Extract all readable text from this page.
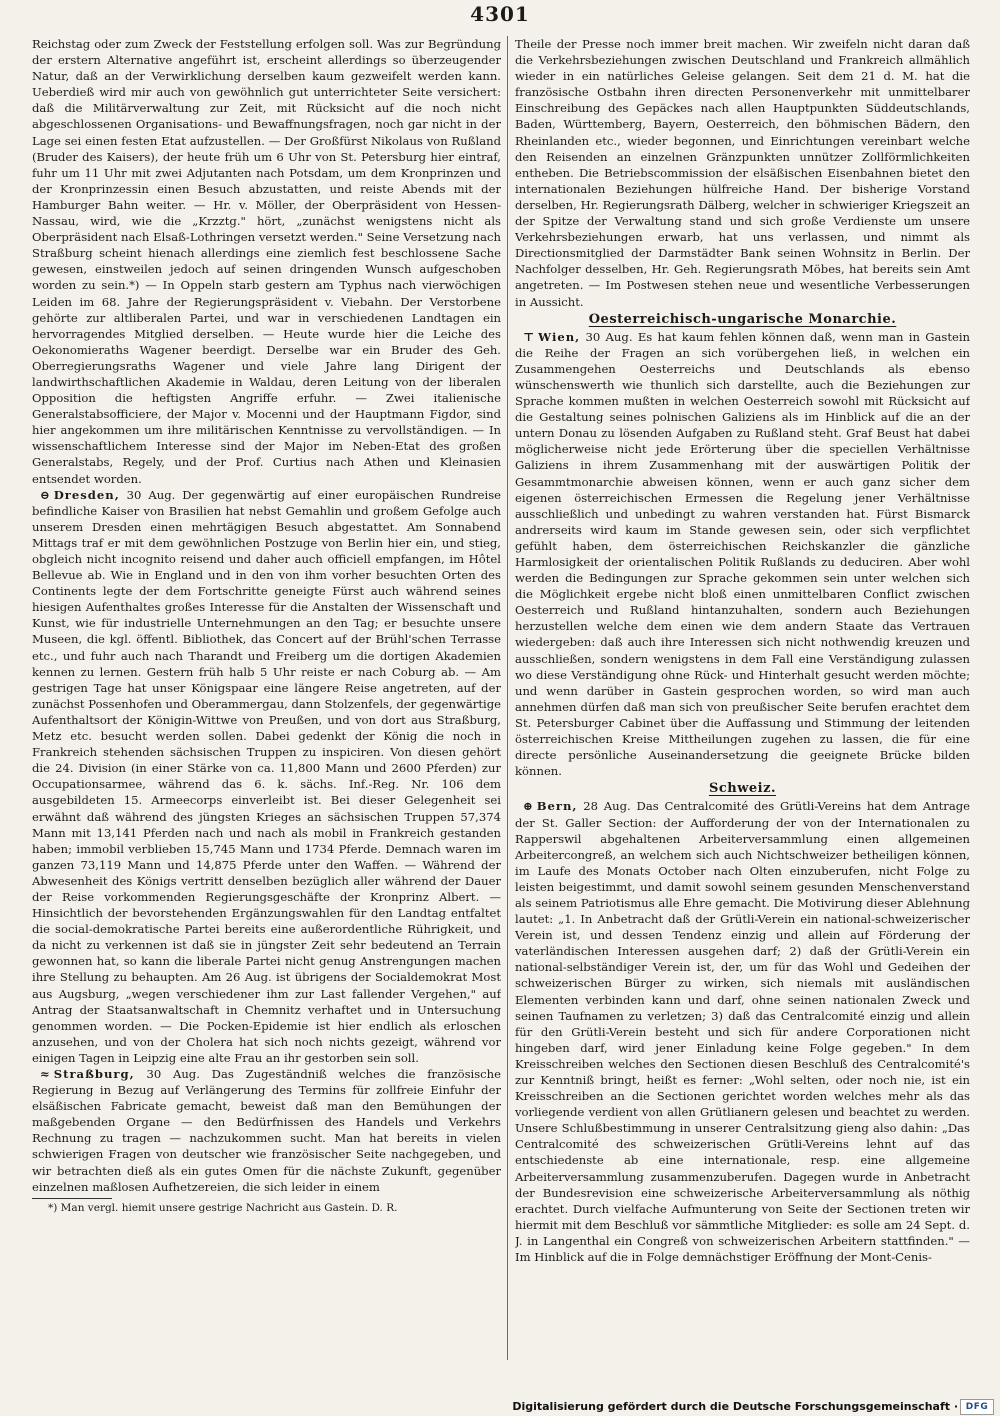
4301

Reichstag oder zum Zweck der Feststellung erfolgen soll. Was zur Begründung der erstern Alternative angeführt ist, erscheint allerdings so überzeugender Natur, daß an der Verwirklichung derselben kaum gezweifelt werden kann. Ueberdieß wird mir auch von gewöhnlich gut unterrichteter Seite versichert: daß die Militärverwaltung zur Zeit, mit Rücksicht auf die noch nicht abgeschlossenen Organisations- und Bewaffnungsfragen, noch gar nicht in der Lage sei einen festen Etat aufzustellen. — Der Großfürst Nikolaus von Rußland (Bruder des Kaisers), der heute früh um 6 Uhr von St. Petersburg hier eintraf, fuhr um 11 Uhr mit zwei Adjutanten nach Potsdam, um dem Kronprinzen und der Kronprinzessin einen Besuch abzustatten, und reiste Abends mit der Hamburger Bahn weiter. — Hr. v. Möller, der Oberpräsident von Hessen-Nassau, wird, wie die „Krzztg." hört, „zunächst wenigstens nicht als Oberpräsident nach Elsaß-Lothringen versetzt werden." Seine Versetzung nach Straßburg scheint hienach allerdings eine ziemlich fest beschlossene Sache gewesen, einstweilen jedoch auf seinen dringenden Wunsch aufgeschoben worden zu sein.*) — In Oppeln starb gestern am Typhus nach vierwöchigen Leiden im 68. Jahre der Regierungspräsident v. Viebahn. Der Verstorbene gehörte zur altliberalen Partei, und war in verschiedenen Landtagen ein hervorragendes Mitglied derselben. — Heute wurde hier die Leiche des Oekonomieraths Wagener beerdigt. Derselbe war ein Bruder des Geh. Oberregierungsraths Wagener und viele Jahre lang Dirigent der landwirthschaftlichen Akademie in Waldau, deren Leitung von der liberalen Opposition die heftigsten Angriffe erfuhr. — Zwei italienische Generalstabsofficiere, der Major v. Mocenni und der Hauptmann Figdor, sind hier angekommen um ihre militärischen Kenntnisse zu vervollständigen. — In wissenschaftlichem Interesse sind der Major im Neben-Etat des großen Generalstabs, Regely, und der Prof. Curtius nach Athen und Kleinasien entsendet worden.

⊖ Dresden, 30 Aug. Der gegenwärtig auf einer europäischen Rundreise befindliche Kaiser von Brasilien hat nebst Gemahlin und großem Gefolge auch unserem Dresden einen mehrtägigen Besuch abgestattet. Am Sonnabend Mittags traf er mit dem gewöhnlichen Postzuge von Berlin hier ein, und stieg, obgleich nicht incognito reisend und daher auch officiell empfangen, im Hôtel Bellevue ab. Wie in England und in den von ihm vorher besuchten Orten des Continents legte der dem Fortschritte geneigte Fürst auch während seines hiesigen Aufenthaltes großes Interesse für die Anstalten der Wissenschaft und Kunst, wie für industrielle Unternehmungen an den Tag; er besuchte unsere Museen, die kgl. öffentl. Bibliothek, das Concert auf der Brühl'schen Terrasse etc., und fuhr auch nach Tharandt und Freiberg um die dortigen Akademien kennen zu lernen. Gestern früh halb 5 Uhr reiste er nach Coburg ab. — Am gestrigen Tage hat unser Königspaar eine längere Reise angetreten, auf der zunächst Possenhofen und Oberammergau, dann Stolzenfels, der gegenwärtige Aufenthaltsort der Königin-Wittwe von Preußen, und von dort aus Straßburg, Metz etc. besucht werden sollen. Dabei gedenkt der König die noch in Frankreich stehenden sächsischen Truppen zu inspiciren. Von diesen gehört die 24. Division (in einer Stärke von ca. 11,800 Mann und 2600 Pferden) zur Occupationsarmee, während das 6. k. sächs. Inf.-Reg. Nr. 106 dem ausgebildeten 15. Armeecorps einverleibt ist. Bei dieser Gelegenheit sei erwähnt daß während des jüngsten Krieges an sächsischen Truppen 57,374 Mann mit 13,141 Pferden nach und nach als mobil in Frankreich gestanden haben; immobil verblieben 15,745 Mann und 1734 Pferde. Demnach waren im ganzen 73,119 Mann und 14,875 Pferde unter den Waffen. — Während der Abwesenheit des Königs vertritt denselben bezüglich aller während der Dauer der Reise vorkommenden Regierungsgeschäfte der Kronprinz Albert. — Hinsichtlich der bevorstehenden Ergänzungswahlen für den Landtag entfaltet die social-demokratische Partei bereits eine außerordentliche Rührigkeit, und da nicht zu verkennen ist daß sie in jüngster Zeit sehr bedeutend an Terrain gewonnen hat, so kann die liberale Partei nicht genug Anstrengungen machen ihre Stellung zu behaupten. Am 26 Aug. ist übrigens der Socialdemokrat Most aus Augsburg, „wegen verschiedener ihm zur Last fallender Vergehen," auf Antrag der Staatsanwaltschaft in Chemnitz verhaftet und in Untersuchung genommen worden. — Die Pocken-Epidemie ist hier endlich als erloschen anzusehen, und von der Cholera hat sich noch nichts gezeigt, während vor einigen Tagen in Leipzig eine alte Frau an ihr gestorben sein soll.

≈ Straßburg, 30 Aug. Das Zugeständniß welches die französische Regierung in Bezug auf Verlängerung des Termins für zollfreie Einfuhr der elsäßischen Fabricate gemacht, beweist daß man den Bemühungen der maßgebenden Organe — den Bedürfnissen des Handels und Verkehrs Rechnung zu tragen — nachzukommen sucht. Man hat bereits in vielen schwierigen Fragen von deutscher wie französischer Seite nachgegeben, und wir betrachten dieß als ein gutes Omen für die nächste Zukunft, gegenüber einzelnen maßlosen Aufhetzereien, die sich leider in einem

*) Man vergl. hiemit unsere gestrige Nachricht aus Gastein. D. R.

Theile der Presse noch immer breit machen. Wir zweifeln nicht daran daß die Verkehrsbeziehungen zwischen Deutschland und Frankreich allmählich wieder in ein natürliches Geleise gelangen. Seit dem 21 d. M. hat die französische Ostbahn ihren directen Personenverkehr mit unmittelbarer Einschreibung des Gepäckes nach allen Hauptpunkten Süddeutschlands, Baden, Württemberg, Bayern, Oesterreich, den böhmischen Bädern, den Rheinlanden etc., wieder begonnen, und Einrichtungen vereinbart welche den Reisenden an einzelnen Gränzpunkten unnützer Zollförmlichkeiten entheben. Die Betriebscommission der elsäßischen Eisenbahnen bietet den internationalen Beziehungen hülfreiche Hand. Der bisherige Vorstand derselben, Hr. Regierungsrath Dälberg, welcher in schwieriger Kriegszeit an der Spitze der Verwaltung stand und sich große Verdienste um unsere Verkehrsbeziehungen erwarb, hat uns verlassen, und nimmt als Directionsmitglied der Darmstädter Bank seinen Wohnsitz in Berlin. Der Nachfolger desselben, Hr. Geh. Regierungsrath Möbes, hat bereits sein Amt angetreten. — Im Postwesen stehen neue und wesentliche Verbesserungen in Aussicht.

Oesterreichisch-ungarische Monarchie.

⊤ Wien, 30 Aug. Es hat kaum fehlen können daß, wenn man in Gastein die Reihe der Fragen an sich vorübergehen ließ, in welchen ein Zusammengehen Oesterreichs und Deutschlands als ebenso wünschenswerth wie thunlich sich darstellte, auch die Beziehungen zur Sprache kommen mußten in welchen Oesterreich sowohl mit Rücksicht auf die Gestaltung seines polnischen Galiziens als im Hinblick auf die an der untern Donau zu lösenden Aufgaben zu Rußland steht. Graf Beust hat dabei möglicherweise nicht jede Erörterung über die speciellen Verhältnisse Galiziens in ihrem Zusammenhang mit der auswärtigen Politik der Gesammtmonarchie abweisen können, wenn er auch ganz sicher dem eigenen österreichischen Ermessen die Regelung jener Verhältnisse ausschließlich und unbedingt zu wahren verstanden hat. Fürst Bismarck andrerseits wird kaum im Stande gewesen sein, oder sich verpflichtet gefühlt haben, dem österreichischen Reichskanzler die gänzliche Harmlosigkeit der orientalischen Politik Rußlands zu deduciren. Aber wohl werden die Bedingungen zur Sprache gekommen sein unter welchen sich die Möglichkeit ergebe nicht bloß einen unmittelbaren Conflict zwischen Oesterreich und Rußland hintanzuhalten, sondern auch Beziehungen herzustellen welche dem einen wie dem andern Staate das Vertrauen wiedergeben: daß auch ihre Interessen sich nicht nothwendig kreuzen und ausschließen, sondern wenigstens in dem Fall eine Verständigung zulassen wo diese Verständigung ohne Rück- und Hinterhalt gesucht werden möchte; und wenn darüber in Gastein gesprochen worden, so wird man auch annehmen dürfen daß man sich von preußischer Seite berufen erachtet dem St. Petersburger Cabinet über die Auffassung und Stimmung der leitenden österreichischen Kreise Mittheilungen zugehen zu lassen, die für eine directe persönliche Auseinandersetzung die geeignete Brücke bilden können.

Schweiz.

⊕ Bern, 28 Aug. Das Centralcomité des Grütli-Vereins hat dem Antrage der St. Galler Section: der Aufforderung der von der Internationalen zu Rapperswil abgehaltenen Arbeiterversammlung einen allgemeinen Arbeitercongreß, an welchem sich auch Nichtschweizer betheiligen können, im Laufe des Monats October nach Olten einzuberufen, nicht Folge zu leisten beigestimmt, und damit sowohl seinem gesunden Menschenverstand als seinem Patriotismus alle Ehre gemacht. Die Motivirung dieser Ablehnung lautet: „1. In Anbetracht daß der Grütli-Verein ein national-schweizerischer Verein ist, und dessen Tendenz einzig und allein auf Förderung der vaterländischen Interessen ausgehen darf; 2) daß der Grütli-Verein ein national-selbständiger Verein ist, der, um für das Wohl und Gedeihen der schweizerischen Bürger zu wirken, sich niemals mit ausländischen Elementen verbinden kann und darf, ohne seinen nationalen Zweck und seinen Taufnamen zu verletzen; 3) daß das Centralcomité einzig und allein für den Grütli-Verein besteht und sich für andere Corporationen nicht hingeben darf, wird jener Einladung keine Folge gegeben." In dem Kreisschreiben welches den Sectionen diesen Beschluß des Centralcomité's zur Kenntniß bringt, heißt es ferner: „Wohl selten, oder noch nie, ist ein Kreisschreiben an die Sectionen gerichtet worden welches mehr als das vorliegende verdient von allen Grütlianern gelesen und beachtet zu werden. Unsere Schlußbestimmung in unserer Centralsitzung gieng also dahin: „Das Centralcomité des schweizerischen Grütli-Vereins lehnt auf das entschiedenste ab eine internationale, resp. eine allgemeine Arbeiterversammlung zusammenzuberufen. Dagegen wurde in Anbetracht der Bundesrevision eine schweizerische Arbeiterversammlung als nöthig erachtet. Durch vielfache Aufmunterung von Seite der Sectionen treten wir hiermit mit dem Beschluß vor sämmtliche Mitglieder: es solle am 24 Sept. d. J. in Langenthal ein Congreß von schweizerischen Arbeitern stattfinden." — Im Hinblick auf die in Folge demnächstiger Eröffnung der Mont-Cenis-

Digitalisierung gefördert durch die Deutsche Forschungsgemeinschaft · DFG
